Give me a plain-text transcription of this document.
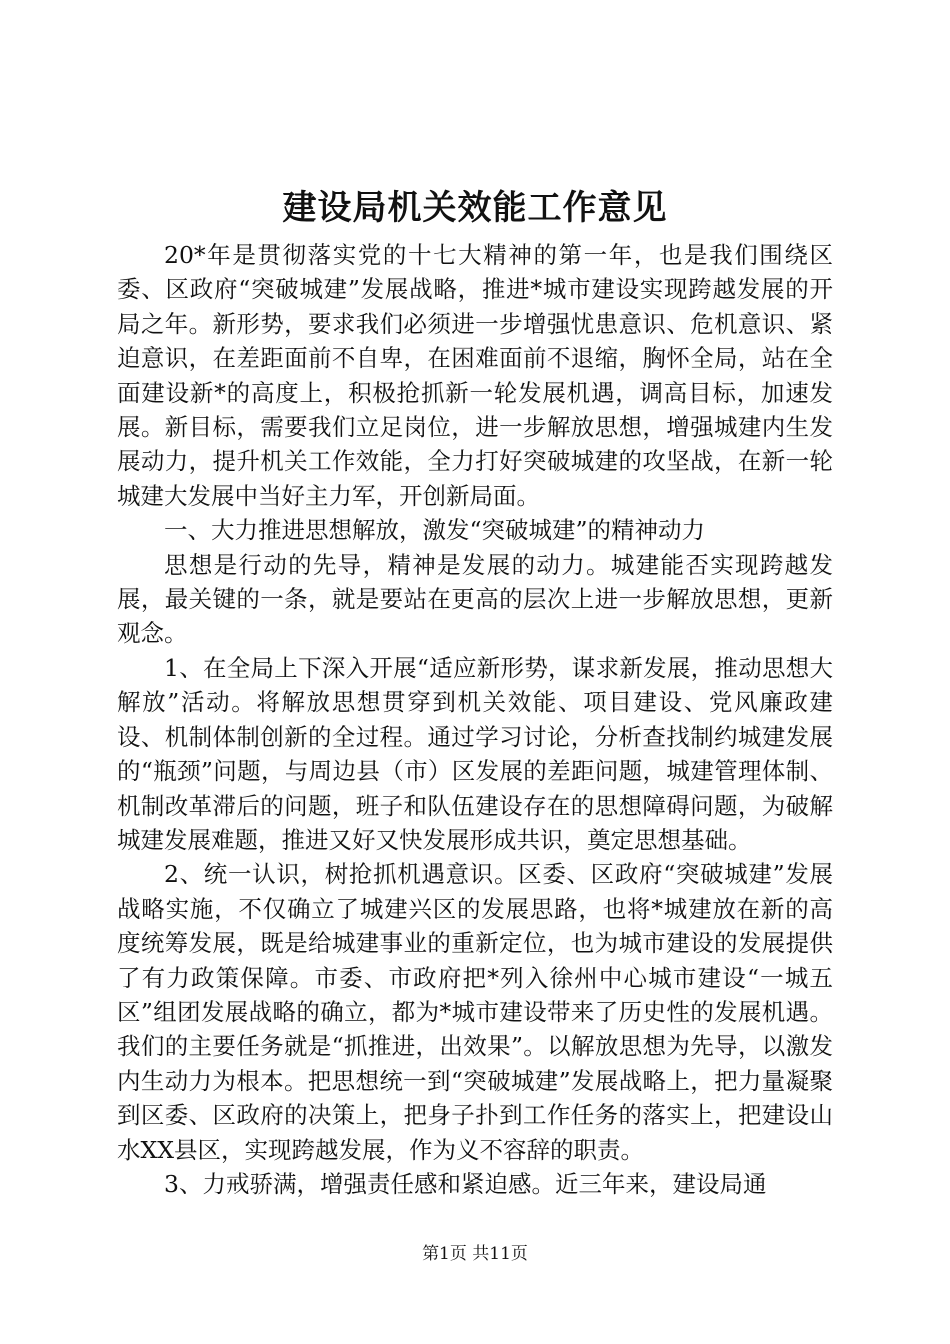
建设局机关效能工作意见

20*年是贯彻落实党的十七大精神的第一年，也是我们围绕区委、区政府“突破城建”发展战略，推进*城市建设实现跨越发展的开局之年。新形势，要求我们必须进一步增强忧患意识、危机意识、紧迫意识，在差距面前不自卑，在困难面前不退缩，胸怀全局，站在全面建设新*的高度上，积极抢抓新一轮发展机遇，调高目标，加速发展。新目标，需要我们立足岗位，进一步解放思想，增强城建内生发展动力，提升机关工作效能，全力打好突破城建的攻坚战，在新一轮城建大发展中当好主力军，开创新局面。

一、大力推进思想解放，激发“突破城建”的精神动力

思想是行动的先导，精神是发展的动力。城建能否实现跨越发展，最关键的一条，就是要站在更高的层次上进一步解放思想，更新观念。

1、在全局上下深入开展“适应新形势，谋求新发展，推动思想大解放”活动。将解放思想贯穿到机关效能、项目建设、党风廉政建设、机制体制创新的全过程。通过学习讨论，分析查找制约城建发展的“瓶颈”问题，与周边县（市）区发展的差距问题，城建管理体制、机制改革滞后的问题，班子和队伍建设存在的思想障碍问题，为破解城建发展难题，推进又好又快发展形成共识，奠定思想基础。

2、统一认识，树抢抓机遇意识。区委、区政府“突破城建”发展战略实施，不仅确立了城建兴区的发展思路，也将*城建放在新的高度统筹发展，既是给城建事业的重新定位，也为城市建设的发展提供了有力政策保障。市委、市政府把*列入徐州中心城市建设“一城五区”组团发展战略的确立，都为*城市建设带来了历史性的发展机遇。我们的主要任务就是“抓推进，出效果”。以解放思想为先导，以激发内生动力为根本。把思想统一到“突破城建”发展战略上，把力量凝聚到区委、区政府的决策上，把身子扑到工作任务的落实上，把建设山水XX县区，实现跨越发展，作为义不容辞的职责。

3、力戒骄满，增强责任感和紧迫感。近三年来，建设局通

第1页 共11页
